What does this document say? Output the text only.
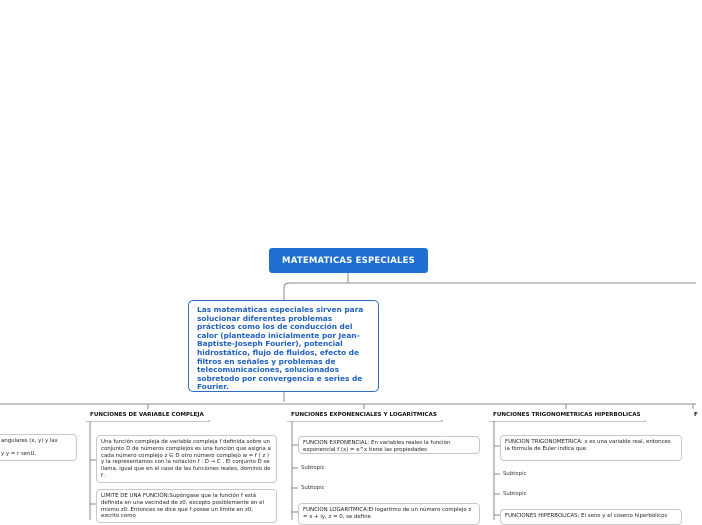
MATEMATICAS ESPECIALES
Las matemáticas especiales sirven para solucionar diferentes problemas prácticos como los de conducción del calor (planteado inicialmente por Jean-Baptiste-Joseph Fourier), potencial hidrostático, flujo de fluidos, efecto de filtros en señales y problemas de telecomunicaciones, solucionados sobretodo por convergencia e series de Fourier.
FUNCIONES DE VARIABLE COMPLEJA	FUNCIONES EXPONENCIALES Y LOGARÍTMICAS	FUNCIONES TRIGONOMETRICAS HIPERBOLICAS	F
angulares (x, y) y las
y y = r senU.
Una función compleja de variable compleja f definida sobre un conjunto D de números complejos es una función que asigna a cada número complejo z ∈ D otro número complejo w = f ( z ) y la representamos con la notación f : D → C . El conjunto D se llama, igual que en el caso de las funciones reales, dominio de f .
LIMITE DE UNA FUNCIÓN:Supóngase que la función f está definida en una vecindad de z0, excepto posiblemente en el mismo z0. Entonces se dice que f posee un límite en z0, escrito como
FUNCION EXPONENCIAL: En variables reales la función exponencial f (x) = e^x tiene las propiedades
Subtopic
Subtopic
FUNCION LOGARITMICA:El logaritmo de un número complejo z = x + iy, z = 0, se define
FUNCION TRIGONOMETRICA: x es una variable real, entonces la fórmula de Euler indica que.
Subtopic
Subtopic
FUNCIONES HIPERBOLICAS: El seno y el coseno hiperbólicos
